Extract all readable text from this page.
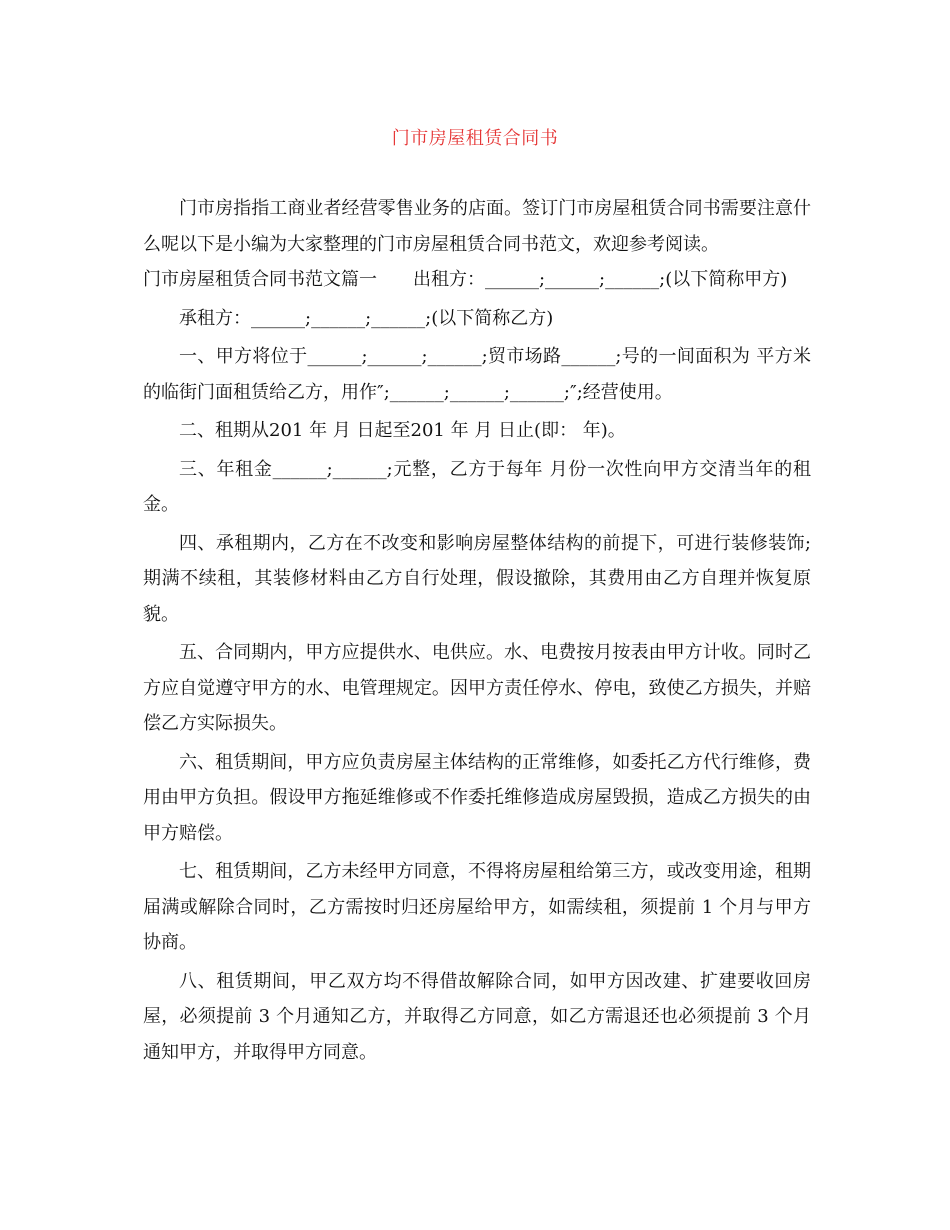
门市房屋租赁合同书

门市房指指工商业者经营零售业务的店面。签订门市房屋租赁合同书需要注意什么呢以下是小编为大家整理的门市房屋租赁合同书范文，欢迎参考阅读。

门市房屋租赁合同书范文篇一　　出租方：______;______;______;(以下简称甲方)

承租方：______;______;______;(以下简称乙方)

一、甲方将位于______;______;______;贸市场路______;号的一间面积为 平方米的临街门面租赁给乙方，用作″;______;______;______;″;经营使用。

二、租期从201 年 月 日起至201 年 月 日止(即： 年)。

三、年租金______;______;元整，乙方于每年 月份一次性向甲方交清当年的租金。

四、承租期内，乙方在不改变和影响房屋整体结构的前提下，可进行装修装饰;期满不续租，其装修材料由乙方自行处理，假设撤除，其费用由乙方自理并恢复原貌。

五、合同期内，甲方应提供水、电供应。水、电费按月按表由甲方计收。同时乙方应自觉遵守甲方的水、电管理规定。因甲方责任停水、停电，致使乙方损失，并赔偿乙方实际损失。

六、租赁期间，甲方应负责房屋主体结构的正常维修，如委托乙方代行维修，费用由甲方负担。假设甲方拖延维修或不作委托维修造成房屋毁损，造成乙方损失的由甲方赔偿。

七、租赁期间，乙方未经甲方同意，不得将房屋租给第三方，或改变用途，租期届满或解除合同时，乙方需按时归还房屋给甲方，如需续租，须提前 1 个月与甲方协商。

八、租赁期间，甲乙双方均不得借故解除合同，如甲方因改建、扩建要收回房屋，必须提前 3 个月通知乙方，并取得乙方同意，如乙方需退还也必须提前 3 个月通知甲方，并取得甲方同意。
